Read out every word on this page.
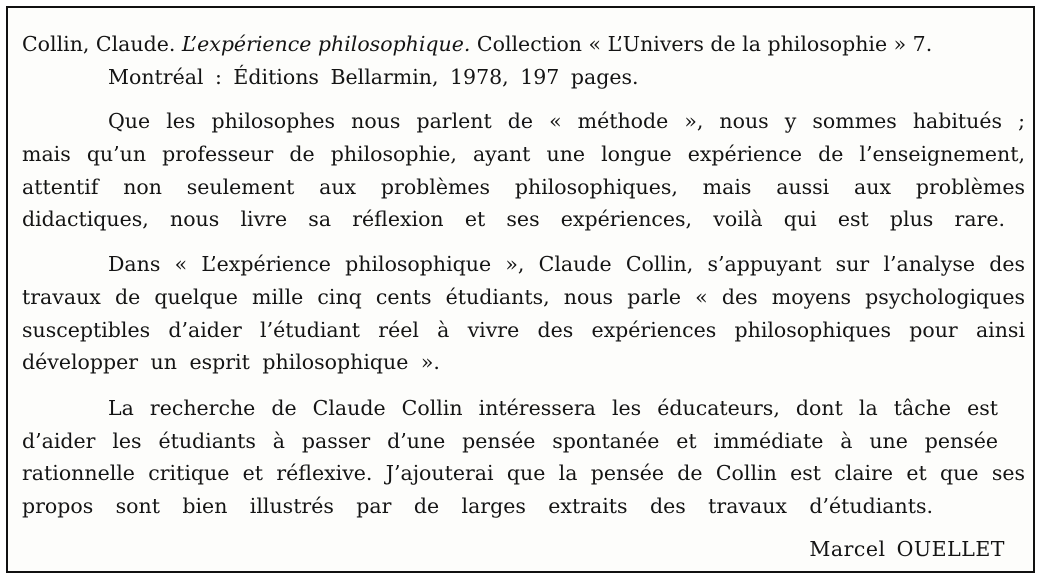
Collin, Claude. L’expérience philosophique. Collection « L’Univers de la philosophie » 7.
Montréal : Éditions Bellarmin, 1978, 197 pages.
Que les philosophes nous parlent de « méthode », nous y sommes habitués ;
mais qu’un professeur de philosophie, ayant une longue expérience de l’enseignement,
attentif non seulement aux problèmes philosophiques, mais aussi aux problèmes
didactiques, nous livre sa réflexion et ses expériences, voilà qui est plus rare.
Dans « L’expérience philosophique », Claude Collin, s’appuyant sur l’analyse des
travaux de quelque mille cinq cents étudiants, nous parle « des moyens psychologiques
susceptibles d’aider l’étudiant réel à vivre des expériences philosophiques pour ainsi
développer un esprit philosophique ».
La recherche de Claude Collin intéressera les éducateurs, dont la tâche est
d’aider les étudiants à passer d’une pensée spontanée et immédiate à une pensée
rationnelle critique et réflexive. J’ajouterai que la pensée de Collin est claire et que ses
propos sont bien illustrés par de larges extraits des travaux d’étudiants.
Marcel OUELLET
